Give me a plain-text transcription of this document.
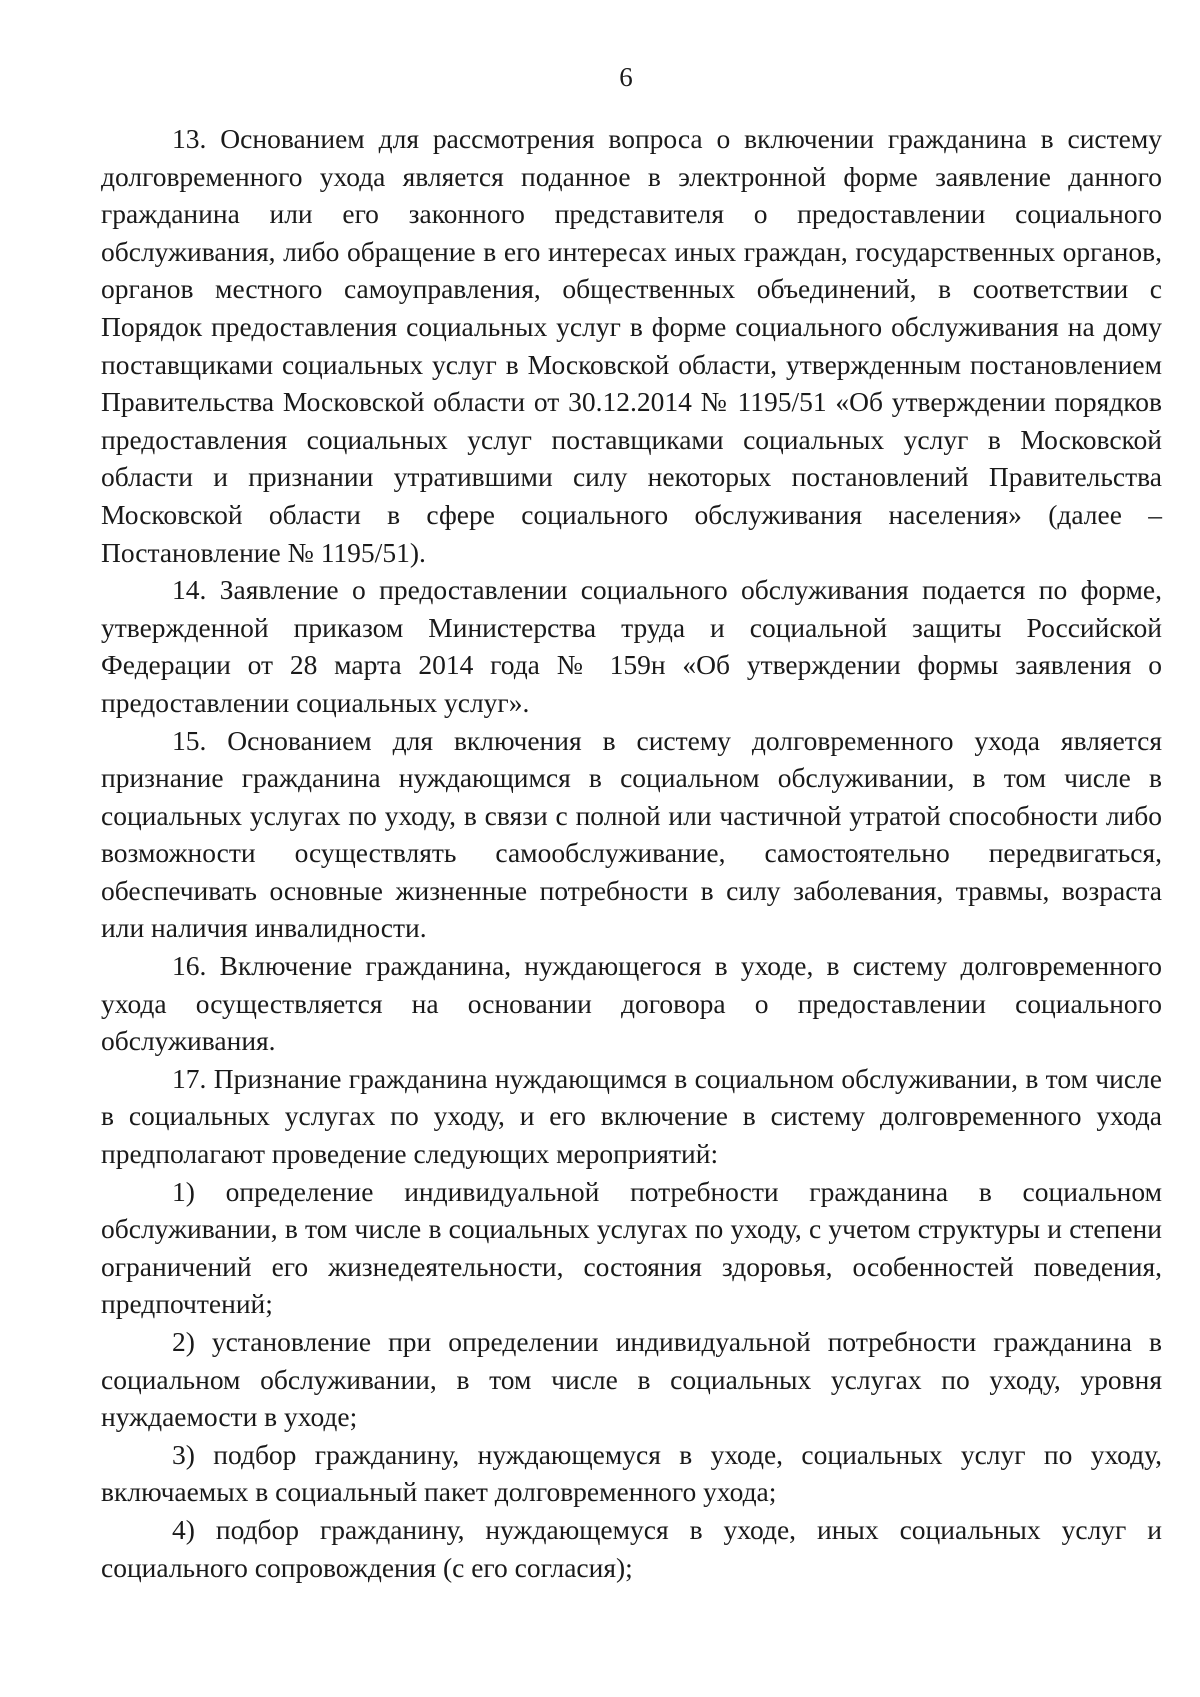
6

13. Основанием для рассмотрения вопроса о включении гражданина в систему долговременного ухода является поданное в электронной форме заявление данного гражданина или его законного представителя о предоставлении социального обслуживания, либо обращение в его интересах иных граждан, государственных органов, органов местного самоуправления, общественных объединений, в соответствии с Порядок предоставления социальных услуг в форме социального обслуживания на дому поставщиками социальных услуг в Московской области, утвержденным постановлением Правительства Московской области от 30.12.2014 № 1195/51 «Об утверждении порядков предоставления социальных услуг поставщиками социальных услуг в Московской области и признании утратившими силу некоторых постановлений Правительства Московской области в сфере социального обслуживания населения» (далее – Постановление № 1195/51).

14. Заявление о предоставлении социального обслуживания подается по форме, утвержденной приказом Министерства труда и социальной защиты Российской Федерации от 28 марта 2014 года № 159н «Об утверждении формы заявления о предоставлении социальных услуг».

15. Основанием для включения в систему долговременного ухода является признание гражданина нуждающимся в социальном обслуживании, в том числе в социальных услугах по уходу, в связи с полной или частичной утратой способности либо возможности осуществлять самообслуживание, самостоятельно передвигаться, обеспечивать основные жизненные потребности в силу заболевания, травмы, возраста или наличия инвалидности.

16. Включение гражданина, нуждающегося в уходе, в систему долговременного ухода осуществляется на основании договора о предоставлении социального обслуживания.

17. Признание гражданина нуждающимся в социальном обслуживании, в том числе в социальных услугах по уходу, и его включение в систему долговременного ухода предполагают проведение следующих мероприятий:

1) определение индивидуальной потребности гражданина в социальном обслуживании, в том числе в социальных услугах по уходу, с учетом структуры и степени ограничений его жизнедеятельности, состояния здоровья, особенностей поведения, предпочтений;

2) установление при определении индивидуальной потребности гражданина в социальном обслуживании, в том числе в социальных услугах по уходу, уровня нуждаемости в уходе;

3) подбор гражданину, нуждающемуся в уходе, социальных услуг по уходу, включаемых в социальный пакет долговременного ухода;

4) подбор гражданину, нуждающемуся в уходе, иных социальных услуг и социального сопровождения (с его согласия);
